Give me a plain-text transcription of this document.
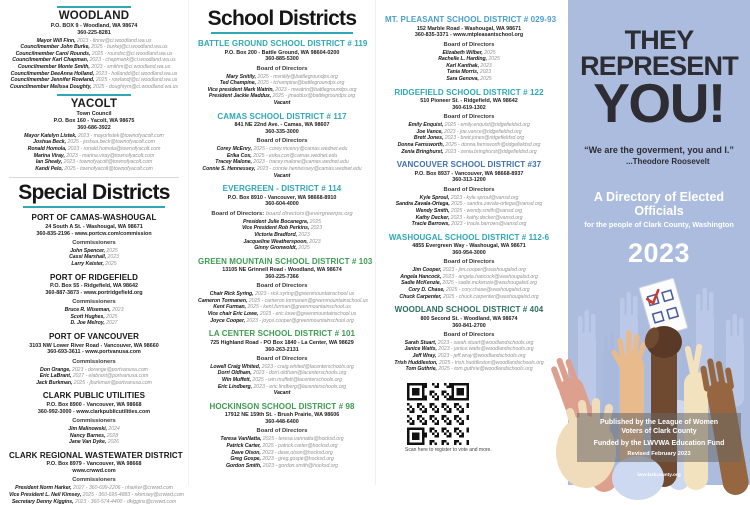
WOODLAND
P.O. BOX 9 - Woodland, WA 98674
360-225-8281
Mayor Will Finn, 2023 - finnw@ci.woodland.wa.us
Councilmember John Burke, 2025 - burkej@ci.woodland.wa.us
Councilmember Carol Rounds, 2025 - roundsc@ci.woodland.wa.us
Councilmember Karl Chapman, 2023 - chapmank@ci.woodland.wa.us
Councilmember Monte Smith, 2023 - smithm@ci.woodland.wa.us
Councilmember DeeAnna Holland, 2023 - hollandd@ci.woodland.wa.us
Councilmember Jennifer Rowland, 2025 - rowlandj@ci.woodland.wa.us
Councilmember Melissa Doughty, 2025 - doughtym@ci.woodland.wa.us
YACOLT
Town Council
P.O. Box 160 - Yacolt, WA 98675
360-686-3922
Mayor Katelyn Listek, 2023 - mayorlistek@townofyacolt.com
Joshua Beck, 2025 - joshua.beck@townofyacolt.com
Ronald Homola, 2023 - ronald.homola@townofyacolt.com
Marina Viray, 2023 - marina.viray@townofyacolt.com
Ian Shealy, 2023 - townofyacolt@townofyacolt.com
Kandi Pelo, 2025 - townofyacolt@townofyacolt.com
Special Districts
PORT OF CAMAS-WASHOUGAL
24 South A St. - Washougal, WA 98671
360-835-2196 - www.portcw.com/commission
Commissioners
John Spencer, 2025
Cassi Marshall, 2023
Larry Keister, 2025
PORT OF RIDGEFIELD
P.O. Box 55 - Ridgefield, WA 98642
360-887-3873 - www.portridgefield.org
Commissioners
Bruce R. Wiseman, 2023
Scott Hughes, 2025
D. Joe Melroy, 2027
PORT OF VANCOUVER
3103 NW Lower River Road - Vancouver, WA 98660
360-693-3611 - www.portvanusa.com
Commissioners
Don Orange, 2023 - dorange@portvanusa.com
Eric LaBrant, 2027 - elabrant@portvanusa.com
Jack Burkman, 2025 - jburkman@portvanusa.com
CLARK PUBLIC UTILITIES
P.O. Box 8900 - Vancouver, WA 98668
360-992-3000 - www.clarkpublicutilities.com
Commissioners
Jim Malinowski, 2024
Nancy Barnes, 2028
Jane Van Dyke, 2026
CLARK REGIONAL WASTEWATER DISTRICT
P.O. Box 8979 - Vancouver, WA 98668
www.crwwd.com
Commissioners
President Norm Harker, 2027 - 360-699-2206 - nharker@crwwd.com
Vice President L. Neil Kimsey, 2025 - 360-695-4883 - nkimsey@crwwd.com
Secretary Denny Kiggins, 2023 - 360-574-4400 - dkiggins@crwwd.com
School Districts
BATTLE GROUND SCHOOL DISTRICT # 119
P.O. Box 200 - Battle Ground, WA 98604-0200
360-885-5300
Board of Directors
Mary Snitily, 2025 - msnitily@battlegroundps.org
Ted Champine, 2025 - tchampine@battlegroundps.org
Vice president Mark Watrin, 2023 - mwatrin@battlegroundps.org
President Jackie Maddux, 2025 - jmaddux@battlegroundps.org
Vacant
CAMAS SCHOOL DISTRICT # 117
841 NE 22nd Ave. - Camas, WA 98607
360-335-3000
Board of Directors
Corey McEnry, 2025 - corey.mcenry@camas.wednet.edu
Erika Cox, 2025 - erika.cox@camas.wednet.edu
Tracey Malone, 2023 - tracey.malone@camas.wednet.edu
Connie S. Hennessey, 2023 - connie.hennessey@camas.wednet.edu
Vacant
EVERGREEN - DISTRICT # 114
P.O. Box 8910 - Vancouver, WA 98668-8910
360-604-4000
Board of Directors: board.directors@evergreenps.org
President Julie Bocanegra, 2025
Vice President Rob Perkins, 2023
Victoria Bradford, 2023
Jacqueline Weatherspoon, 2023
Ginny Gronwoldt, 2025
GREEN MOUNTAIN SCHOOL DISTRICT # 103
13105 NE Grinnell Road - Woodland, WA 98674
360-225-7366
Board of Directors
Chair Rick Syring, 2023 - rick.syring@greenmountainschool.us
Cameron Tormanen, 2025 - cameron.tormanen@greenmountainschool.us
Kent Furman, 2025 - kent.furman@greenmountainschool.us
Vice chair Eric Lowe, 2023 - eric.lowe@greenmountainschool.us
Joyce Cooper, 2023 - joyce.cooper@greenmountainschool.org
LA CENTER SCHOOL DISTRICT # 101
725 Highland Road - PO Box 1840 - La Center, WA 98629
360-263-2131
Board of Directors
Lowell Craig Whited, 2023 - craig.whited@lacenterschools.org
Dorri Oldham, 2023 - dorri.oldham@lacenterschools.org
Win Muffett, 2025 - win.muffett@lacenterschools.org
Eric Lindberg, 2023 - eric.lindberg@lacenterschools.org
Vacant
HOCKINSON SCHOOL DISTRICT # 98
17912 NE 159th St. - Brush Prairie, WA 98606
360-448-6400
Board of Directors
Teresa VanNatta, 2025 - teresa.vannatta@hocksd.org
Patrick Carter, 2025 - patrick.carter@hocksd.org
Dave Olson, 2023 - dave.olson@hocksd.org
Greg Gospe, 2023 - greg.gospe@hocksd.org
Gordon Smith, 2023 - gordon.smith@hocksd.org
MT. PLEASANT SCHOOL DISTRICT # 029-93
152 Marble Road - Washougal, WA 98671
360-835-3371 - www.mtpleasantschool.org
Board of Directors
Elizabeth Wilber, 2025
Rachelle L. Harding, 2025
Karl Kanthak, 2023
Tania Morris, 2023
Sara Genova, 2025
RIDGEFIELD SCHOOL DISTRICT # 122
510 Pioneer St. - Ridgefield, WA 98642
360-619-1302
Board of Directors
Emily Enquist, 2025 - emily.enquist@ridgefieldsd.org
Joe Vance, 2023 - joe.vance@ridgefieldsd.org
Brett Jones, 2023 - brett.jones@ridgefieldsd.org
Donna Farnsworth, 2025 - donna.farnsworth@ridgefieldsd.org
Zenia Bringhurst, 2023 - zenia.bringhurst@ridgefieldsd.org
VANCOUVER SCHOOL DISTRICT #37
P.O. Box 8937 - Vancouver, WA 98668-8937
360-313-1200
Board of Directors
Kyle Sproul, 2023 - kyle.sproul@vansd.org
Sandra Zavala-Ortega, 2025 - sandra.zavala-ortega@vansd.org
Wendy Smith, 2025 - wendy.smith@vansd.org
Kathy Decker, 2023 - kathy.decker@vansd.org
Tracie Barrows, 2023 - tracie.barrows@vansd.org
WASHOUGAL SCHOOL DISTRICT # 112-6
4855 Evergreen Way - Washougal, WA 98671
360-954-3000
Board of Directors
Jim Cooper, 2023 - jim.cooper@washougalsd.org
Angela Hancock, 2023 - angela.hancock@washougalsd.org
Sadie McKenzie, 2025 - sadie.mckenzie@washougalsd.org
Cory D. Chase, 2025 - cory.chase@washougalsd.org
Chuck Carpenter, 2025 - chuck.carpenter@washougalsd.org
WOODLAND SCHOOL DISTRICT # 404
800 Second St. - Woodland, WA 98674
360-841-2700
Board of Directors
Sarah Stuart, 2023 - sarah.stuart@woodlandschools.org
Janice Watts, 2023 - janice.watts@woodlandschools.org
Jeff Wray, 2023 - jeff.wray@woodlandschools.org
Trish Huddleston, 2025 - trish.huddleston@woodlandschools.org
Tom Guthrie, 2025 - tom.guthrie@woodlandschools.org
Scan here to register to vote and more.
THEY
REPRESENT
YOU!
“We are the goverment, you and I.”
...Theodore Roosevelt
A Directory of Elected Officials
for the people of Clark County, Washington
2023
Published by the League of Women
Voters of Clark County
Funded by the LWVWA Education Fund
Revised February 2023
lwvclarkcounty.org
